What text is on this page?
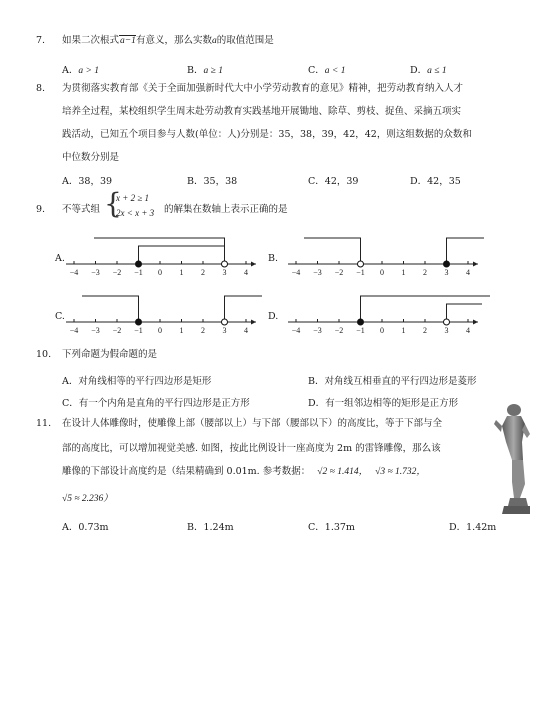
7. 如果二次根式a−1有意义，那么实数a的取值范围是
A．a > 1	B．a ≥ 1	C．a < 1	D．a ≤ 1
8. 为贯彻落实教育部《关于全面加强新时代大中小学劳动教育的意见》精神，把劳动教育纳入人才
培养全过程，某校组织学生周末赴劳动教育实践基地开展锄地、除草、剪枝、捉鱼、采摘五项实
践活动，已知五个项目参与人数(单位：人)分别是：35，38，39，42，42，则这组数据的众数和
中位数分别是
A．38，39	B．35，38	C．42，39	D．42，35
9. 不等式组 {
x + 2 ≥ 1
2x < x + 3 的解集在数轴上表示正确的是
A.
−4 −3 −2 −1 0 1 2 3 4
B.
−4 −3 −2 −1 0 1 2 3 4
C.
−4 −3 −2 −1 0 1 2 3 4
D.
−4 −3 −2 −1 0 1 2 3 4
10. 下列命题为假命题的是
A．对角线相等的平行四边形是矩形	B．对角线互相垂直的平行四边形是菱形
C．有一个内角是直角的平行四边形是正方形	D．有一组邻边相等的矩形是正方形
11. 在设计人体雕像时，使雕像上部（腰部以上）与下部（腰部以下）的高度比，等于下部与全
部的高度比，可以增加视觉美感. 如图，按此比例设计一座高度为 2m 的雷锋雕像，那么该
雕像的下部设计高度约是（结果精确到 0.01m. 参考数据： √2 ≈ 1.414， √3 ≈ 1.732，
√5 ≈ 2.236）
A．0.73m	B．1.24m	C．1.37m	D．1.42m
